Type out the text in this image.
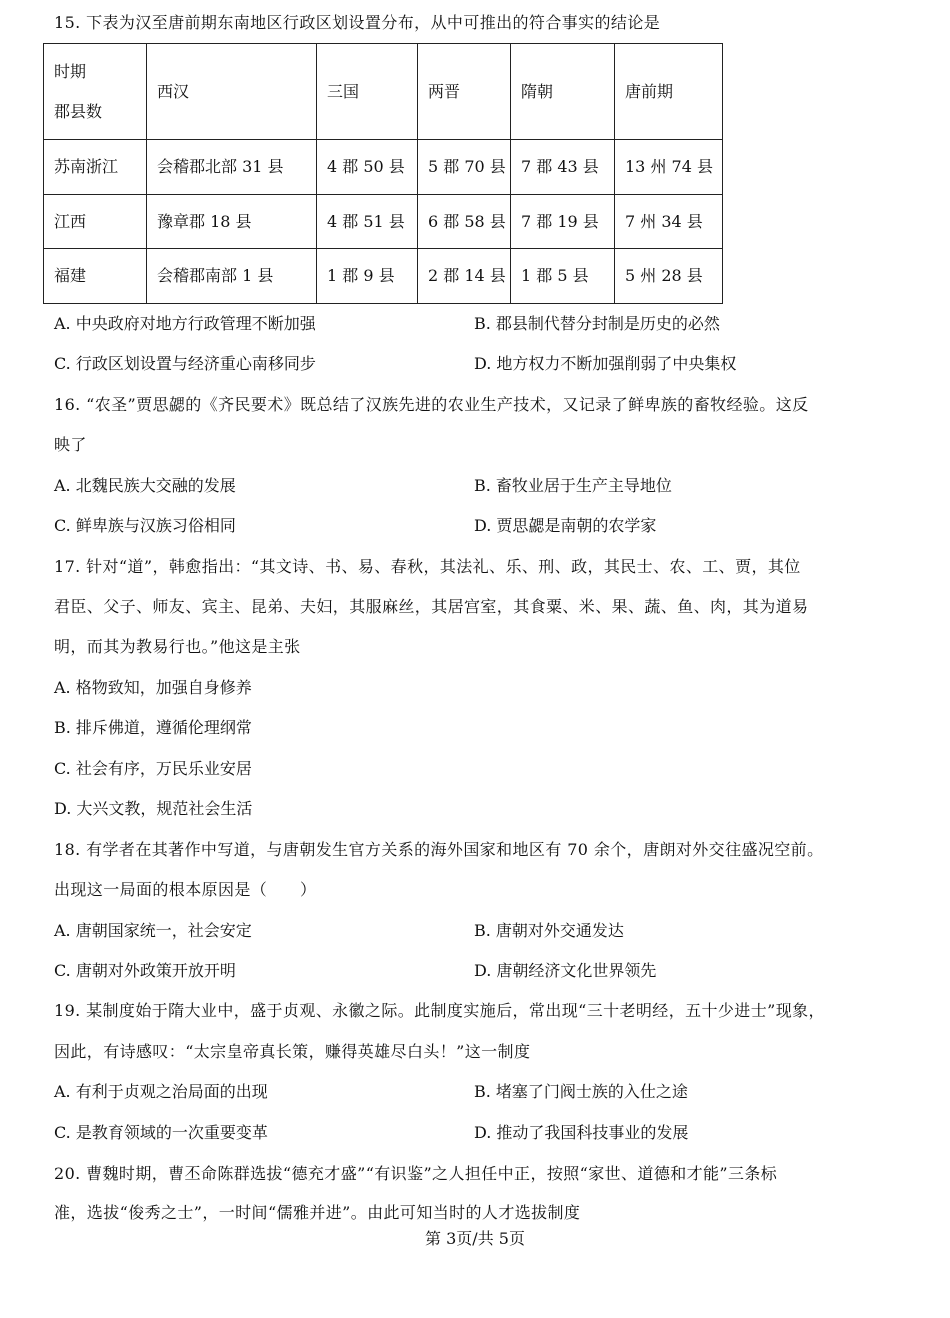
15. 下表为汉至唐前期东南地区行政区划设置分布，从中可推出的符合事实的结论是
时期
郡县数	西汉	三国	两晋	隋朝	唐前期
苏南浙江	会稽郡北部 31 县	4 郡 50 县	5 郡 70 县	7 郡 43 县	13 州 74 县
江西	豫章郡 18 县	4 郡 51 县	6 郡 58 县	7 郡 19 县	7 州 34 县
福建	会稽郡南部 1 县	1 郡 9 县	2 郡 14 县	1 郡 5 县	5 州 28 县
A. 中央政府对地方行政管理不断加强	B. 郡县制代替分封制是历史的必然
C. 行政区划设置与经济重心南移同步	D. 地方权力不断加强削弱了中央集权
16. “农圣”贾思勰的《齐民要术》既总结了汉族先进的农业生产技术，又记录了鲜卑族的畜牧经验。这反
映了
A. 北魏民族大交融的发展	B. 畜牧业居于生产主导地位
C. 鲜卑族与汉族习俗相同	D. 贾思勰是南朝的农学家
17. 针对“道”，韩愈指出：“其文诗、书、易、春秋，其法礼、乐、刑、政，其民士、农、工、贾，其位
君臣、父子、师友、宾主、昆弟、夫妇，其服麻丝，其居宫室，其食粟、米、果、蔬、鱼、肉，其为道易
明，而其为教易行也。”他这是主张
A. 格物致知，加强自身修养
B. 排斥佛道，遵循伦理纲常
C. 社会有序，万民乐业安居
D. 大兴文教，规范社会生活
18. 有学者在其著作中写道，与唐朝发生官方关系的海外国家和地区有 70 余个，唐朗对外交往盛况空前。
出现这一局面的根本原因是（　　）
A. 唐朝国家统一，社会安定	B. 唐朝对外交通发达
C. 唐朝对外政策开放开明	D. 唐朝经济文化世界领先
19. 某制度始于隋大业中，盛于贞观、永徽之际。此制度实施后，常出现“三十老明经，五十少进士”现象，
因此，有诗感叹：“太宗皇帝真长策，赚得英雄尽白头！”这一制度
A. 有利于贞观之治局面的出现	B. 堵塞了门阀士族的入仕之途
C. 是教育领域的一次重要变革	D. 推动了我国科技事业的发展
20. 曹魏时期，曹丕命陈群选拔“德充才盛”“有识鉴”之人担任中正，按照“家世、道德和才能”三条标
准，选拔“俊秀之士”，一时间“儒雅并进”。由此可知当时的人才选拔制度
第 3页/共 5页
